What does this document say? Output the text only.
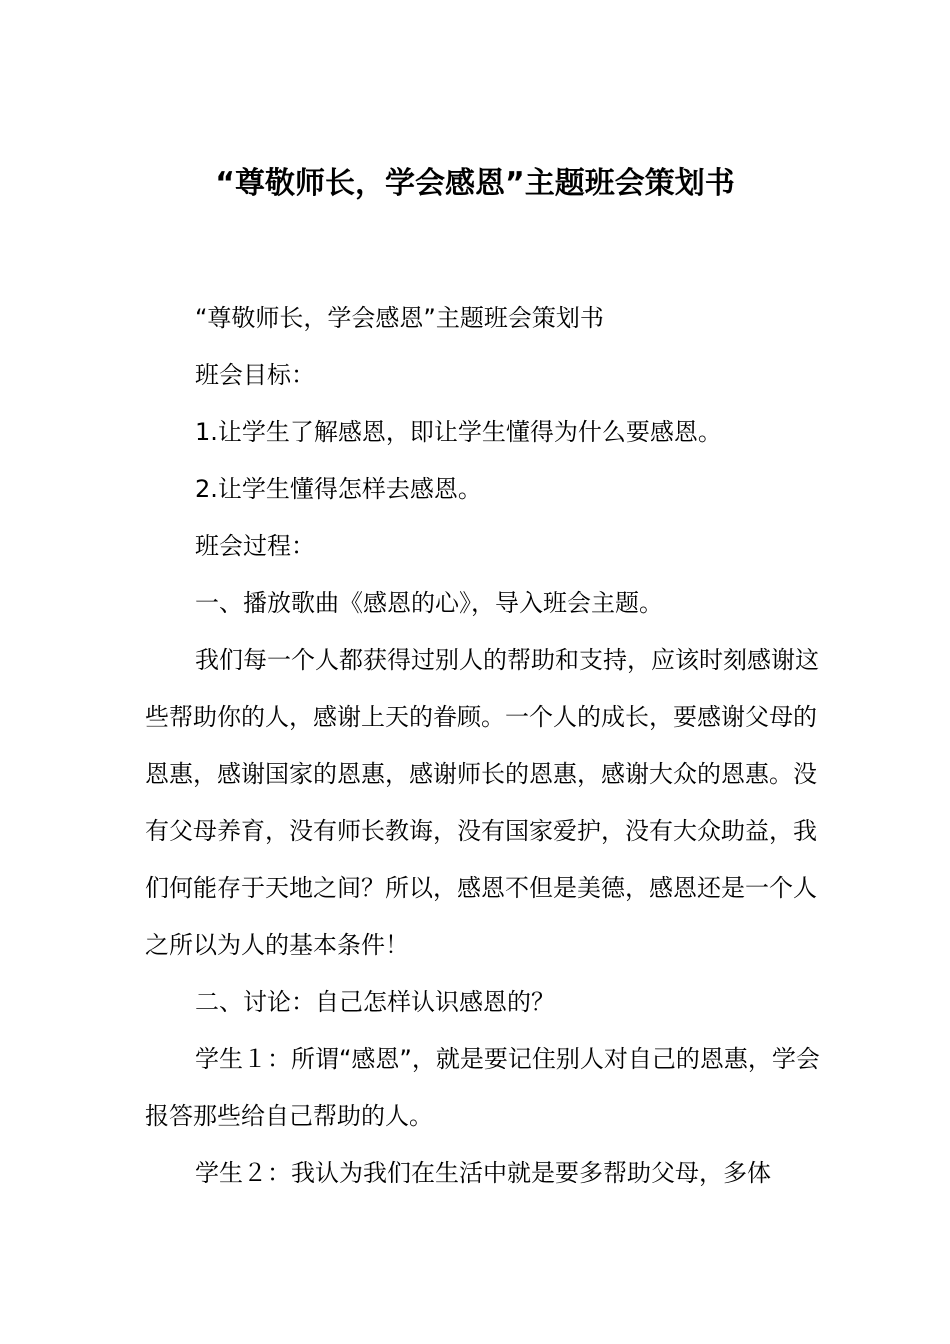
“尊敬师长，学会感恩”主题班会策划书

“尊敬师长，学会感恩”主题班会策划书

班会目标：

1.让学生了解感恩，即让学生懂得为什么要感恩。

2.让学生懂得怎样去感恩。

班会过程：

一、播放歌曲《感恩的心》，导入班会主题。

我们每一个人都获得过别人的帮助和支持，应该时刻感谢这些帮助你的人，感谢上天的眷顾。一个人的成长，要感谢父母的恩惠，感谢国家的恩惠，感谢师长的恩惠，感谢大众的恩惠。没有父母养育，没有师长教诲，没有国家爱护，没有大众助益，我们何能存于天地之间？所以，感恩不但是美德，感恩还是一个人之所以为人的基本条件！

二、讨论：自己怎样认识感恩的？

学生１：所谓“感恩”，就是要记住别人对自己的恩惠，学会报答那些给自己帮助的人。

学生２：我认为我们在生活中就是要多帮助父母，多体
